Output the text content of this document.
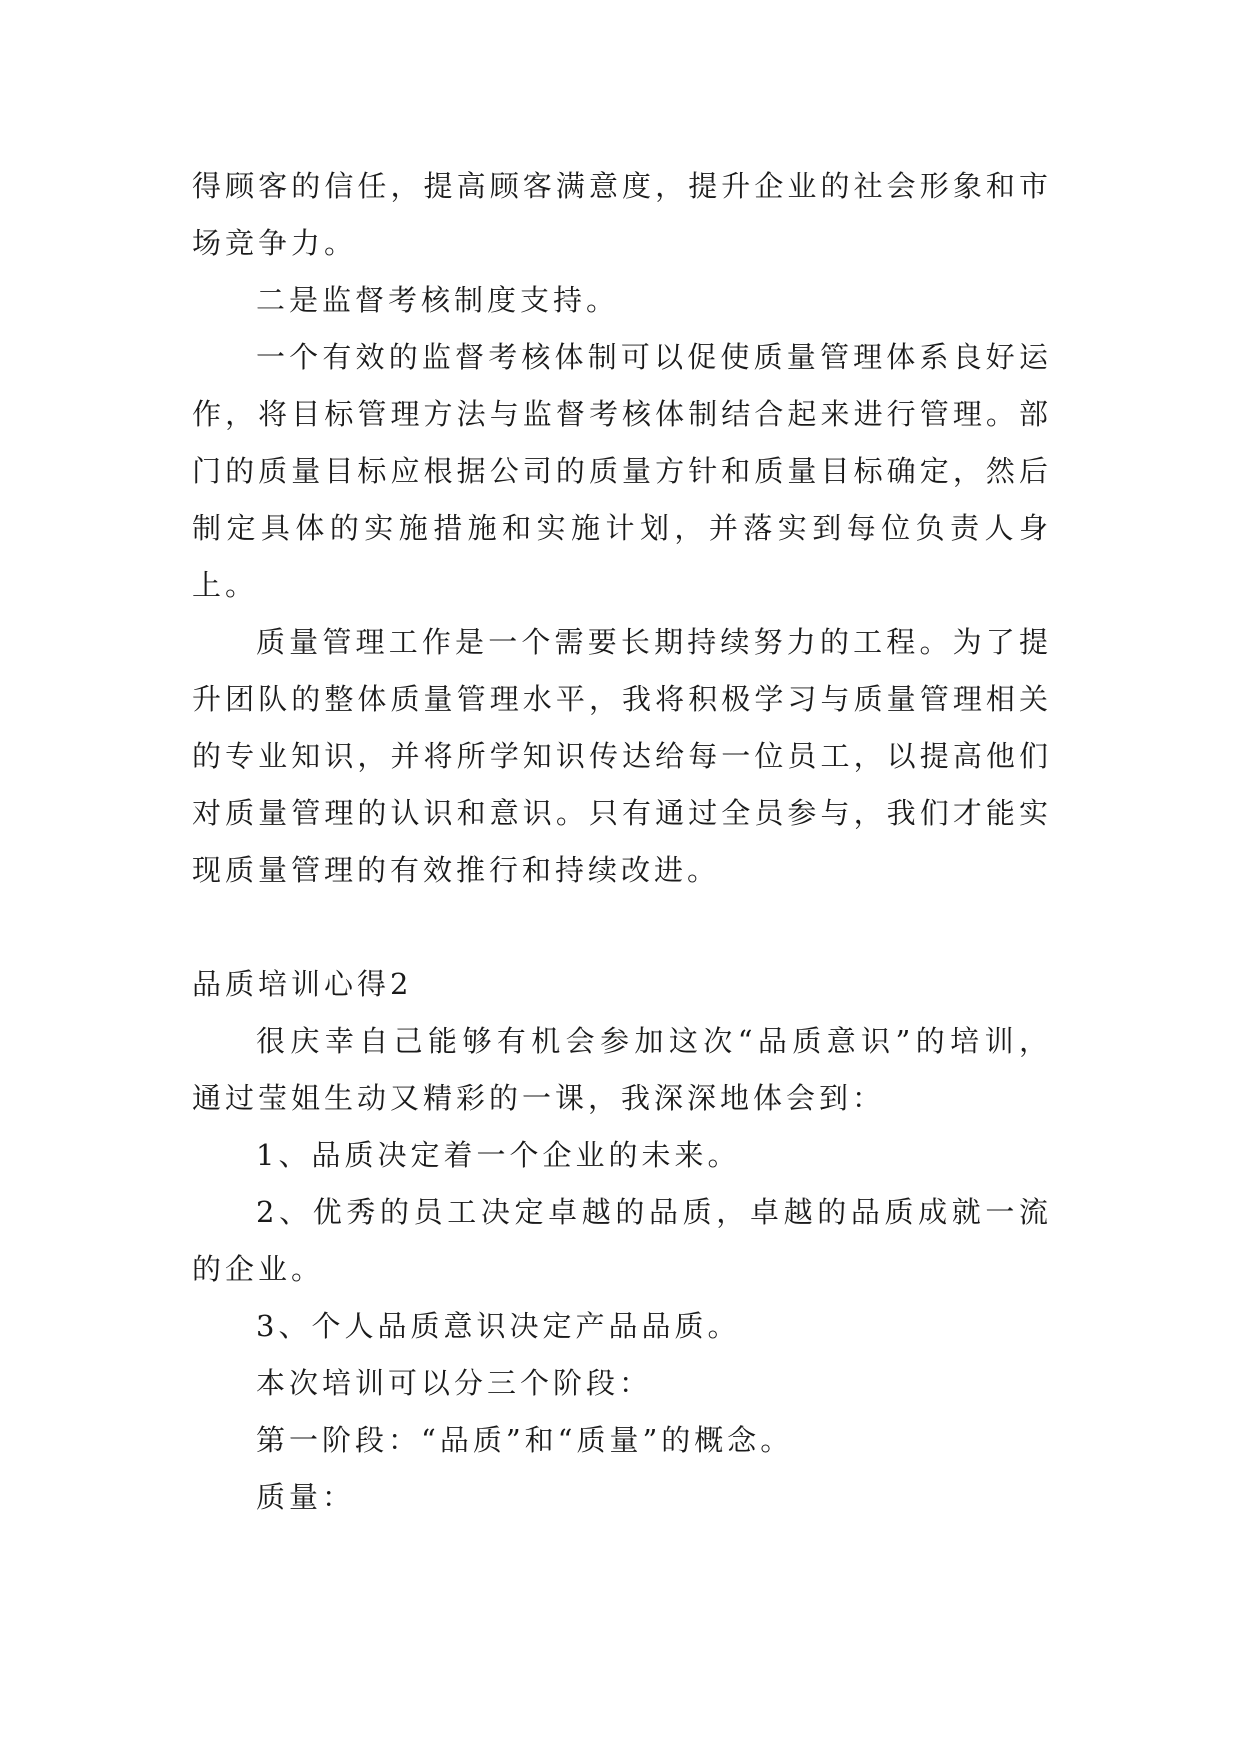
得顾客的信任，提高顾客满意度，提升企业的社会形象和市场竞争力。

二是监督考核制度支持。

一个有效的监督考核体制可以促使质量管理体系良好运作，将目标管理方法与监督考核体制结合起来进行管理。部门的质量目标应根据公司的质量方针和质量目标确定，然后制定具体的实施措施和实施计划，并落实到每位负责人身上。

质量管理工作是一个需要长期持续努力的工程。为了提升团队的整体质量管理水平，我将积极学习与质量管理相关的专业知识，并将所学知识传达给每一位员工，以提高他们对质量管理的认识和意识。只有通过全员参与，我们才能实现质量管理的有效推行和持续改进。

品质培训心得2

很庆幸自己能够有机会参加这次“品质意识”的培训，通过莹姐生动又精彩的一课，我深深地体会到：

1、品质决定着一个企业的未来。

2、优秀的员工决定卓越的品质，卓越的品质成就一流的企业。

3、个人品质意识决定产品品质。

本次培训可以分三个阶段：

第一阶段：“品质”和“质量”的概念。

质量：
